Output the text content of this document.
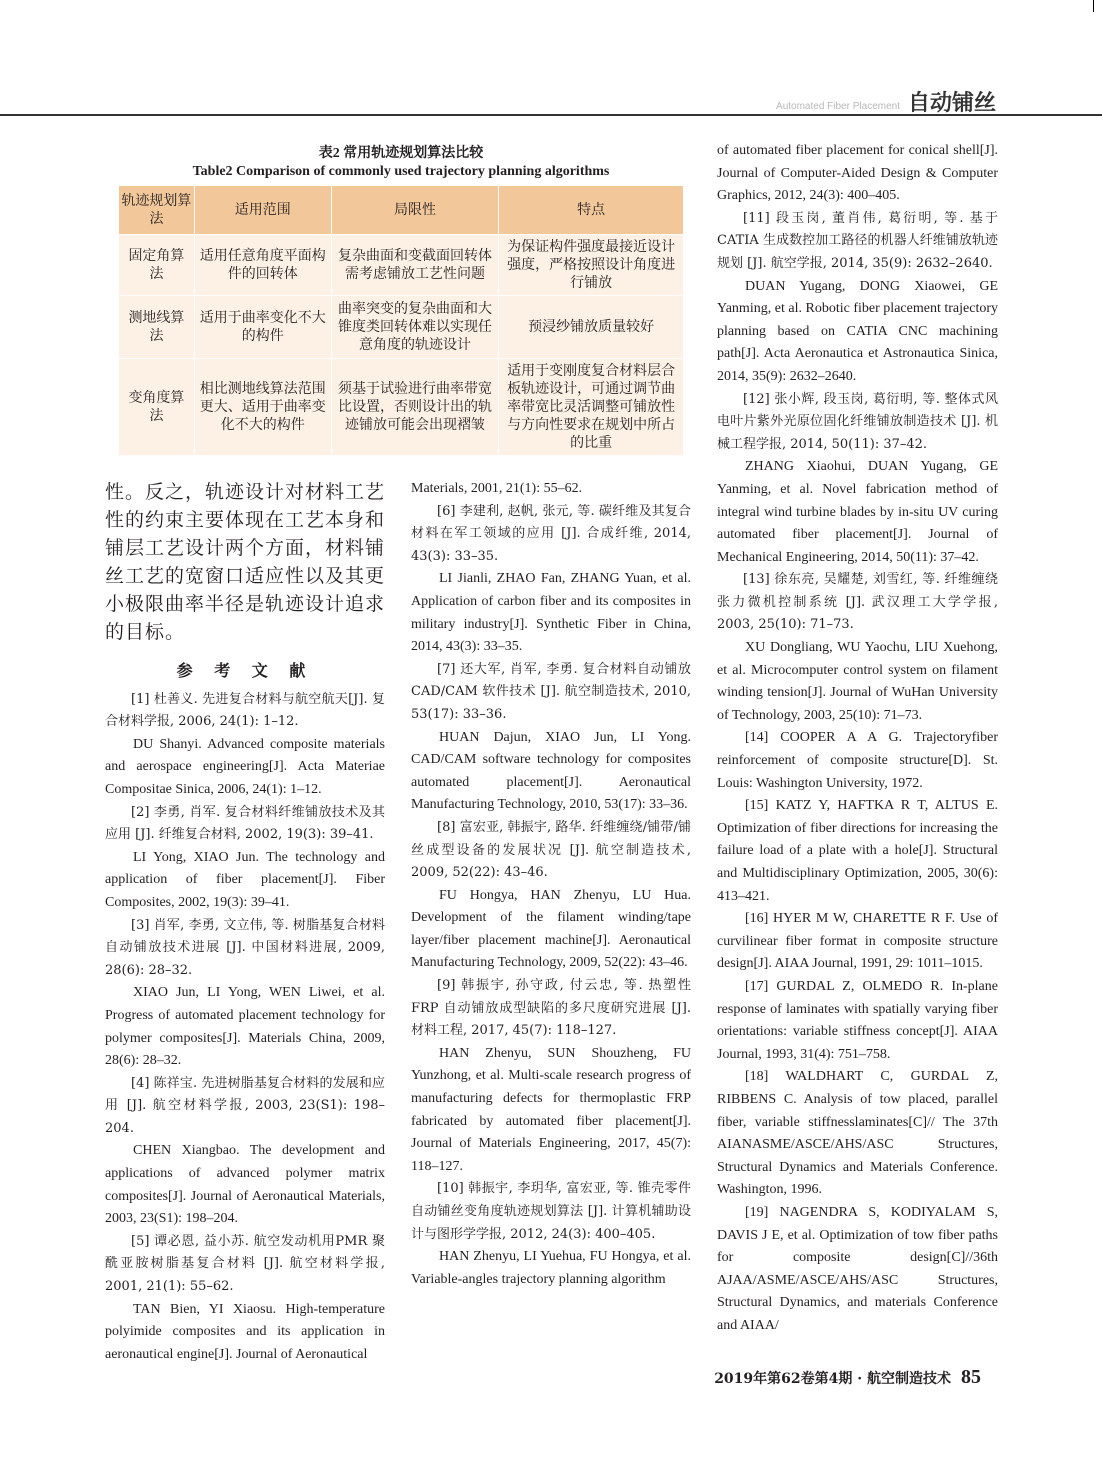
Automated Fiber Placement 自动铺丝
表2 常用轨迹规划算法比较
Table2 Comparison of commonly used trajectory planning algorithms
轨迹规划算法	适用范围	局限性	特点
固定角算法	适用任意角度平面构件的回转体	复杂曲面和变截面回转体需考虑铺放工艺性问题	为保证构件强度最接近设计强度，严格按照设计角度进行铺放
测地线算法	适用于曲率变化不大的构件	曲率突变的复杂曲面和大锥度类回转体难以实现任意角度的轨迹设计	预浸纱铺放质量较好
变角度算法	相比测地线算法范围更大、适用于曲率变化不大的构件	须基于试验进行曲率带宽比设置，否则设计出的轨迹铺放可能会出现褶皱	适用于变刚度复合材料层合板轨迹设计，可通过调节曲率带宽比灵活调整可铺放性与方向性要求在规划中所占的比重

性。反之，轨迹设计对材料工艺性的约束主要体现在工艺本身和铺层工艺设计两个方面，材料铺丝工艺的宽窗口适应性以及其更小极限曲率半径是轨迹设计追求的目标。

参 考 文 献

[1] 杜善义. 先进复合材料与航空航天[J]. 复合材料学报, 2006, 24(1): 1–12.

DU Shanyi. Advanced composite materials and aerospace engineering[J]. Acta Materiae Compositae Sinica, 2006, 24(1): 1–12.

[2] 李勇, 肖军. 复合材料纤维铺放技术及其应用 [J]. 纤维复合材料, 2002, 19(3): 39–41.

LI Yong, XIAO Jun. The technology and application of fiber placement[J]. Fiber Composites, 2002, 19(3): 39–41.

[3] 肖军, 李勇, 文立伟, 等. 树脂基复合材料自动铺放技术进展 [J]. 中国材料进展, 2009, 28(6): 28–32.

XIAO Jun, LI Yong, WEN Liwei, et al. Progress of automated placement technology for polymer composites[J]. Materials China, 2009, 28(6): 28–32.

[4] 陈祥宝. 先进树脂基复合材料的发展和应用 [J]. 航空材料学报, 2003, 23(S1): 198–204.

CHEN Xiangbao. The development and applications of advanced polymer matrix composites[J]. Journal of Aeronautical Materials, 2003, 23(S1): 198–204.

[5] 谭必恩, 益小苏. 航空发动机用PMR 聚酰亚胺树脂基复合材料 [J]. 航空材料学报, 2001, 21(1): 55–62.

TAN Bien, YI Xiaosu. High-temperature polyimide composites and its application in aeronautical engine[J]. Journal of Aeronautical

Materials, 2001, 21(1): 55–62.

[6] 李建利, 赵帆, 张元, 等. 碳纤维及其复合材料在军工领域的应用 [J]. 合成纤维, 2014, 43(3): 33–35.

LI Jianli, ZHAO Fan, ZHANG Yuan, et al. Application of carbon fiber and its composites in military industry[J]. Synthetic Fiber in China, 2014, 43(3): 33–35.

[7] 还大军, 肖军, 李勇. 复合材料自动铺放 CAD/CAM 软件技术 [J]. 航空制造技术, 2010, 53(17): 33–36.

HUAN Dajun, XIAO Jun, LI Yong. CAD/CAM software technology for composites automated placement[J]. Aeronautical Manufacturing Technology, 2010, 53(17): 33–36.

[8] 富宏亚, 韩振宇, 路华. 纤维缠绕/铺带/铺丝成型设备的发展状况 [J]. 航空制造技术, 2009, 52(22): 43–46.

FU Hongya, HAN Zhenyu, LU Hua. Development of the filament winding/tape layer/fiber placement machine[J]. Aeronautical Manufacturing Technology, 2009, 52(22): 43–46.

[9] 韩振宇, 孙守政, 付云忠, 等. 热塑性 FRP 自动铺放成型缺陷的多尺度研究进展 [J]. 材料工程, 2017, 45(7): 118–127.

HAN Zhenyu, SUN Shouzheng, FU Yunzhong, et al. Multi-scale research progress of manufacturing defects for thermoplastic FRP fabricated by automated fiber placement[J]. Journal of Materials Engineering, 2017, 45(7): 118–127.

[10] 韩振宇, 李玥华, 富宏亚, 等. 锥壳零件自动铺丝变角度轨迹规划算法 [J]. 计算机辅助设计与图形学学报, 2012, 24(3): 400–405.

HAN Zhenyu, LI Yuehua, FU Hongya, et al. Variable-angles trajectory planning algorithm

of automated fiber placement for conical shell[J]. Journal of Computer-Aided Design & Computer Graphics, 2012, 24(3): 400–405.

[11] 段玉岗, 董肖伟, 葛衍明, 等. 基于 CATIA 生成数控加工路径的机器人纤维铺放轨迹规划 [J]. 航空学报, 2014, 35(9): 2632–2640.

DUAN Yugang, DONG Xiaowei, GE Yanming, et al. Robotic fiber placement trajectory planning based on CATIA CNC machining path[J]. Acta Aeronautica et Astronautica Sinica, 2014, 35(9): 2632–2640.

[12] 张小辉, 段玉岗, 葛衍明, 等. 整体式风电叶片紫外光原位固化纤维铺放制造技术 [J]. 机械工程学报, 2014, 50(11): 37–42.

ZHANG Xiaohui, DUAN Yugang, GE Yanming, et al. Novel fabrication method of integral wind turbine blades by in-situ UV curing automated fiber placement[J]. Journal of Mechanical Engineering, 2014, 50(11): 37–42.

[13] 徐东亮, 吴耀楚, 刘雪红, 等. 纤维缠绕张力微机控制系统 [J]. 武汉理工大学学报, 2003, 25(10): 71–73.

XU Dongliang, WU Yaochu, LIU Xuehong, et al. Microcomputer control system on filament winding tension[J]. Journal of WuHan University of Technology, 2003, 25(10): 71–73.

[14] COOPER A A G. Trajectoryfiber reinforcement of composite structure[D]. St. Louis: Washington University, 1972.

[15] KATZ Y, HAFTKA R T, ALTUS E. Optimization of fiber directions for increasing the failure load of a plate with a hole[J]. Structural and Multidisciplinary Optimization, 2005, 30(6): 413–421.

[16] HYER M W, CHARETTE R F. Use of curvilinear fiber format in composite structure design[J]. AIAA Journal, 1991, 29: 1011–1015.

[17] GURDAL Z, OLMEDO R. In-plane response of laminates with spatially varying fiber orientations: variable stiffness concept[J]. AIAA Journal, 1993, 31(4): 751–758.

[18] WALDHART C, GURDAL Z, RIBBENS C. Analysis of tow placed, parallel fiber, variable stiffnesslaminates[C]// The 37th AIANASME/ASCE/AHS/ASC Structures, Structural Dynamics and Materials Conference. Washington, 1996.

[19] NAGENDRA S, KODIYALAM S, DAVIS J E, et al. Optimization of tow fiber paths for composite design[C]//36th AJAA/ASME/ASCE/AHS/ASC Structures, Structural Dynamics, and materials Conference and AIAA/

2019年第62卷第4期 · 航空制造技术 85
